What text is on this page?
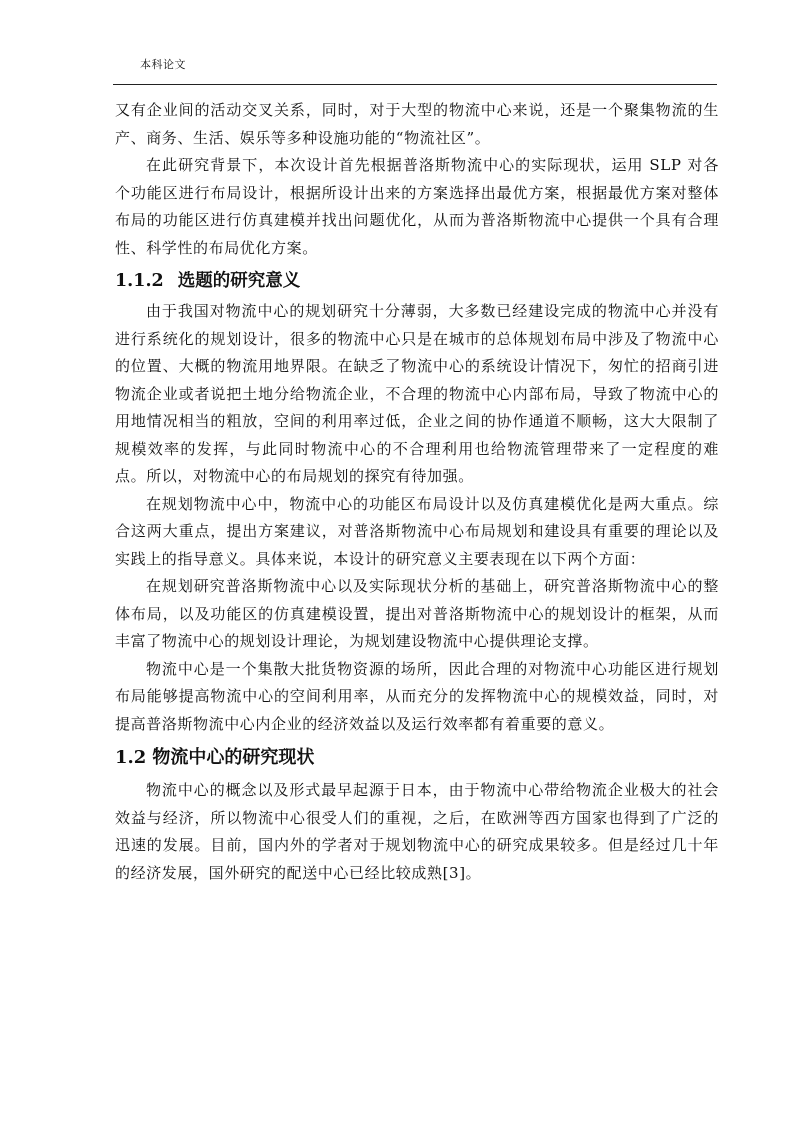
本科论文

又有企业间的活动交叉关系，同时，对于大型的物流中心来说，还是一个聚集物流的生产、商务、生活、娱乐等多种设施功能的“物流社区”。

在此研究背景下，本次设计首先根据普洛斯物流中心的实际现状，运用 SLP 对各个功能区进行布局设计，根据所设计出来的方案选择出最优方案，根据最优方案对整体布局的功能区进行仿真建模并找出问题优化，从而为普洛斯物流中心提供一个具有合理性、科学性的布局优化方案。

1.1.2 选题的研究意义

由于我国对物流中心的规划研究十分薄弱，大多数已经建设完成的物流中心并没有进行系统化的规划设计，很多的物流中心只是在城市的总体规划布局中涉及了物流中心的位置、大概的物流用地界限。在缺乏了物流中心的系统设计情况下，匆忙的招商引进物流企业或者说把土地分给物流企业，不合理的物流中心内部布局，导致了物流中心的用地情况相当的粗放，空间的利用率过低，企业之间的协作通道不顺畅，这大大限制了规模效率的发挥，与此同时物流中心的不合理利用也给物流管理带来了一定程度的难点。所以，对物流中心的布局规划的探究有待加强。

在规划物流中心中，物流中心的功能区布局设计以及仿真建模优化是两大重点。综合这两大重点，提出方案建议，对普洛斯物流中心布局规划和建设具有重要的理论以及实践上的指导意义。具体来说，本设计的研究意义主要表现在以下两个方面：

在规划研究普洛斯物流中心以及实际现状分析的基础上，研究普洛斯物流中心的整体布局，以及功能区的仿真建模设置，提出对普洛斯物流中心的规划设计的框架，从而丰富了物流中心的规划设计理论，为规划建设物流中心提供理论支撑。

物流中心是一个集散大批货物资源的场所，因此合理的对物流中心功能区进行规划布局能够提高物流中心的空间利用率，从而充分的发挥物流中心的规模效益，同时，对提高普洛斯物流中心内企业的经济效益以及运行效率都有着重要的意义。

1.2 物流中心的研究现状

物流中心的概念以及形式最早起源于日本，由于物流中心带给物流企业极大的社会效益与经济，所以物流中心很受人们的重视，之后，在欧洲等西方国家也得到了广泛的迅速的发展。目前，国内外的学者对于规划物流中心的研究成果较多。但是经过几十年的经济发展，国外研究的配送中心已经比较成熟[3]。
